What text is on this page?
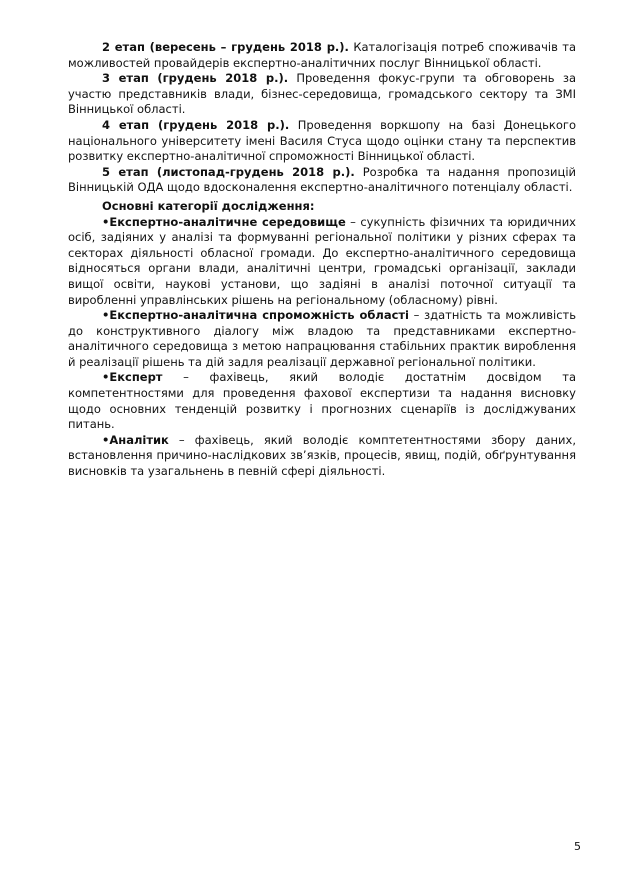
2 етап (вересень – грудень 2018 р.). Каталогізація потреб споживачів та можливостей провайдерів експертно-аналітичних послуг Вінницької області.

3 етап (грудень 2018 р.). Проведення фокус-групи та обговорень за участю представників влади, бізнес-середовища, громадського сектору та ЗМІ Вінницької області.

4 етап (грудень 2018 р.). Проведення воркшопу на базі Донецького національного університету імені Василя Стуса щодо оцінки стану та перспектив розвитку експертно-аналітичної спроможності Вінницької області.

5 етап (листопад-грудень 2018 р.). Розробка та надання пропозицій Вінницькій ОДА щодо вдосконалення експертно-аналітичного потенціалу області.

Основні категорії дослідження:

•Експертно-аналітичне середовище – сукупність фізичних та юридичних осіб, задіяних у аналізі та формуванні регіональної політики у різних сферах та секторах діяльності обласної громади. До експертно-аналітичного середовища відносяться органи влади, аналітичні центри, громадські організації, заклади вищої освіти, наукові установи, що задіяні в аналізі поточної ситуації та виробленні управлінських рішень на регіональному (обласному) рівні.

•Експертно-аналітична спроможність області – здатність та можливість до конструктивного діалогу між владою та представниками експертно-аналітичного середовища з метою напрацювання стабільних практик вироблення й реалізації рішень та дій задля реалізації державної регіональної політики.

•Експерт – фахівець, який володіє достатнім досвідом та компетентностями для проведення фахової експертизи та надання висновку щодо основних тенденцій розвитку і прогнозних сценаріїв із досліджуваних питань.

•Аналітик – фахівець, який володіє комптетентностями збору даних, встановлення причино-наслідкових зв’язків, процесів, явищ, подій, обґрунтування висновків та узагальнень в певній сфері діяльності.

5
